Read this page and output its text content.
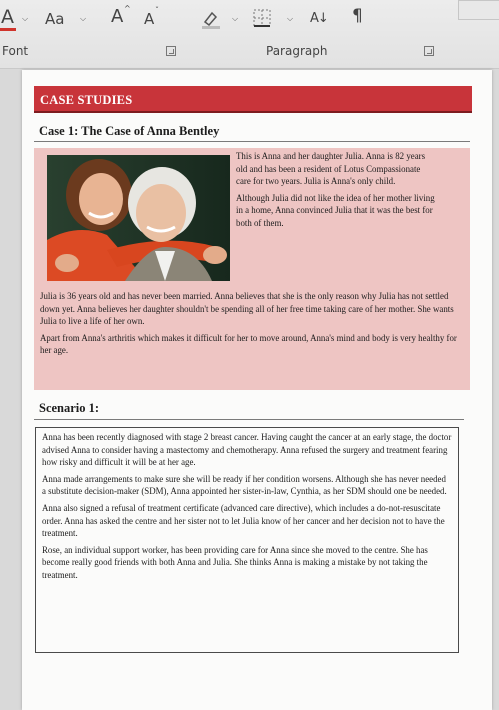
A ⌵ Aa ⌵ A ^
A ˇ
⌵	⌵ A↓ ¶
Font	Paragraph
CASE STUDIES
Case 1: The Case of Anna Bentley

This is Anna and her daughter Julia. Anna is 82 years old and has been a resident of Lotus Compassionate care for two years. Julia is Anna's only child.

Although Julia did not like the idea of her mother living in a home, Anna convinced Julia that it was the best for both of them.

Julia is 36 years old and has never been married. Anna believes that she is the only reason why Julia has not settled down yet. Anna believes her daughter shouldn't be spending all of her free time taking care of her mother. She wants Julia to live a life of her own.

Apart from Anna's arthritis which makes it difficult for her to move around, Anna's mind and body is very healthy for her age.

Scenario 1:

Anna has been recently diagnosed with stage 2 breast cancer. Having caught the cancer at an early stage, the doctor advised Anna to consider having a mastectomy and chemotherapy. Anna refused the surgery and treatment fearing how risky and difficult it will be at her age.

Anna made arrangements to make sure she will be ready if her condition worsens. Although she has never needed a substitute decision-maker (SDM), Anna appointed her sister-in-law, Cynthia, as her SDM should one be needed.

Anna also signed a refusal of treatment certificate (advanced care directive), which includes a do-not-resuscitate order. Anna has asked the centre and her sister not to let Julia know of her cancer and her decision not to have the treatment.

Rose, an individual support worker, has been providing care for Anna since she moved to the centre. She has become really good friends with both Anna and Julia. She thinks Anna is making a mistake by not taking the treatment.
